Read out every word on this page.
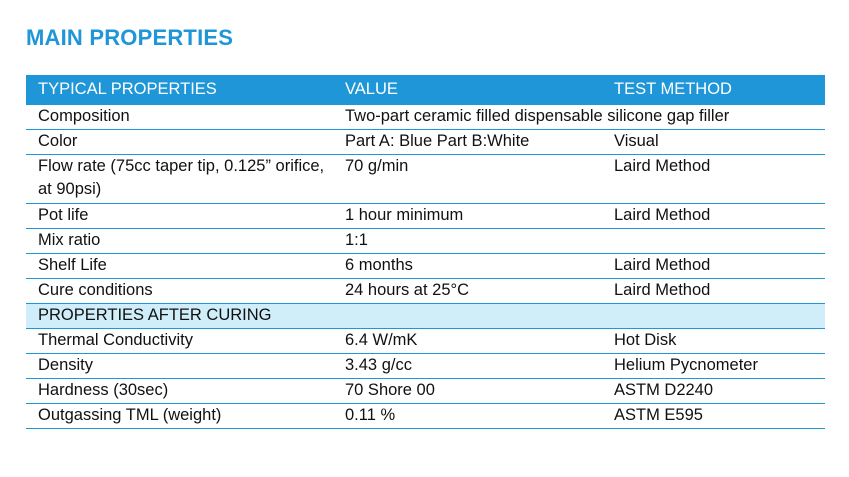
MAIN PROPERTIES
TYPICAL PROPERTIES	VALUE	TEST METHOD
Composition	Two-part ceramic filled dispensable silicone gap filler	
Color	Part A: Blue Part B:White	Visual
Flow rate (75cc taper tip, 0.125” orifice, at 90psi)	70 g/min	Laird Method
Pot life	1 hour minimum	Laird Method
Mix ratio	1:1	
Shelf Life	6 months	Laird Method
Cure conditions	24 hours at 25°C	Laird Method
PROPERTIES AFTER CURING		
Thermal Conductivity	6.4 W/mK	Hot Disk
Density	3.43 g/cc	Helium Pycnometer
Hardness (30sec)	70 Shore 00	ASTM D2240
Outgassing TML (weight)	0.11 %	ASTM E595
